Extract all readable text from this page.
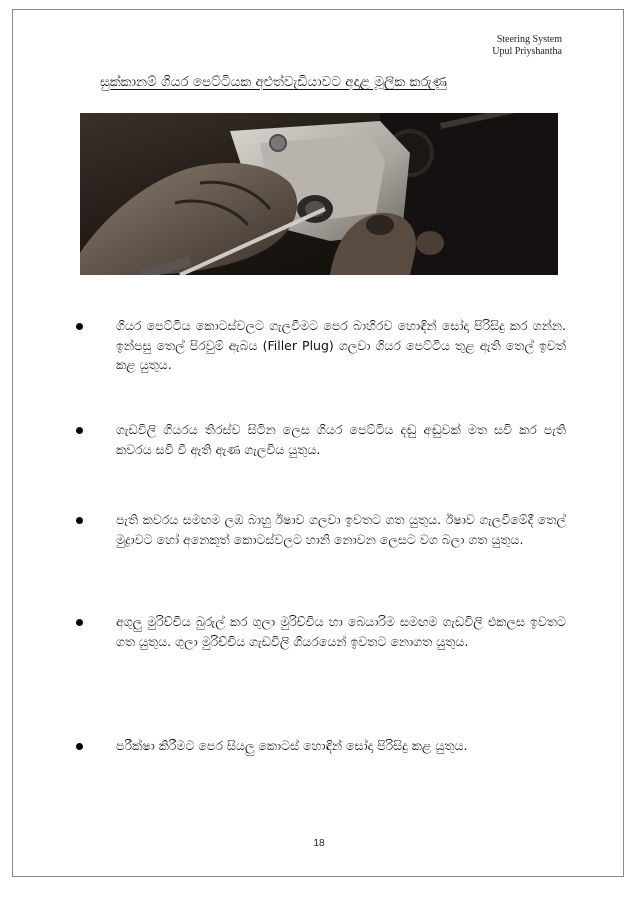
Steering System
Upul Priyshantha
සුක්කානම් ගියර පෙට්ටියක අළුත්වැඩියාවට අදාළ මූලික කරුණු
ගියර පෙට්ටිය කොටස්වලට ගැලවීමට පෙර බාහිරව හොඳින් සෝදා පිරිසිදු කර ගන්න. ඉන්පසු තෙල් පිරවුම් ඇබය (Filler Plug) ගලවා ගියර පෙට්ටිය තුළ ඇති තෙල් ඉවත් කළ යුතුය.
ගැඩවිලි ගියරය තිරස්ව සිටින ලෙස ගියර පෙට්ටිය දඬු අඬුවක් මත සවි කර පැති කවරය සවි වී ඇති ඇණ ගැලවිය යුතුය.
පැති කවරය සමඟම ලඹ බාහු ඊෂාව ගලවා ඉවතට ගත යුතුය. ඊෂාව ගැලවීමේදී තෙල් මුද්‍රාවට හෝ අනෙකුත් කොටස්වලට හානි නොවන ලෙසට වග බලා ගත යුතුය.
අගුලු මුරිච්චිය බුරුල් කර ගුලා මුරිච්චිය හා බෙයාරිම සමඟම ගැඩවිලි එකලස ඉවතට ගත යුතුය. ගුලා මුරිච්චිය ගැඩවිලි ගියරයෙන් ඉවතට නොගත යුතුය.
පරීක්ෂා කිරීමට පෙර සියලු කොටස් හොඳින් සෝදා පිරිසිදු කළ යුතුය.
18
